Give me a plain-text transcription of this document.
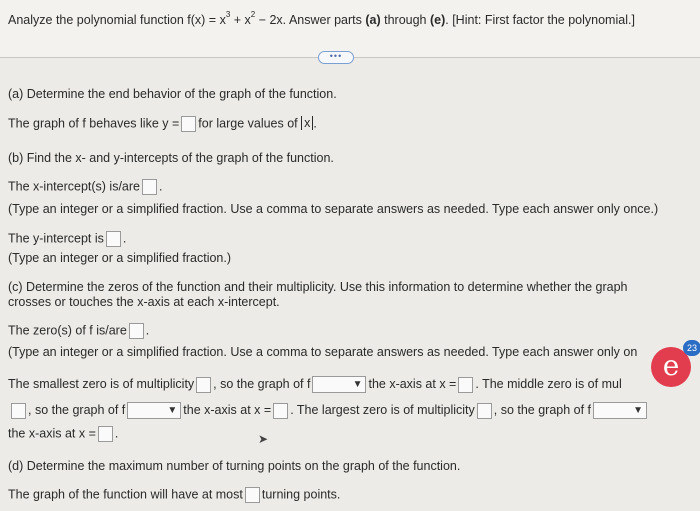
Analyze the polynomial function $f(x) = x^3 + x^2 - 2x$. Answer parts (a) through (e). [Hint: First factor the polynomial.]
•••
(a) Determine the end behavior of the graph of the function.
The graph of f behaves like y = for large values of x .
(b) Find the x- and y-intercepts of the graph of the function.
The x-intercept(s) is/are .
(Type an integer or a simplified fraction. Use a comma to separate answers as needed. Type each answer only once.)
The y-intercept is .
(Type an integer or a simplified fraction.)
(c) Determine the zeros of the function and their multiplicity. Use this information to determine whether the graph
crosses or touches the x-axis at each x-intercept.
The zero(s) of f is/are .
(Type an integer or a simplified fraction. Use a comma to separate answers as needed. Type each answer only on
The smallest zero is of multiplicity , so the graph of f	▼ the x-axis at x = . The middle zero is of mul
, so the graph of f	▼ the x-axis at x = . The largest zero is of multiplicity , so the graph of f	▼
the x-axis at x = .
(d) Determine the maximum number of turning points on the graph of the function.
The graph of the function will have at most turning points.
➤
e
23
